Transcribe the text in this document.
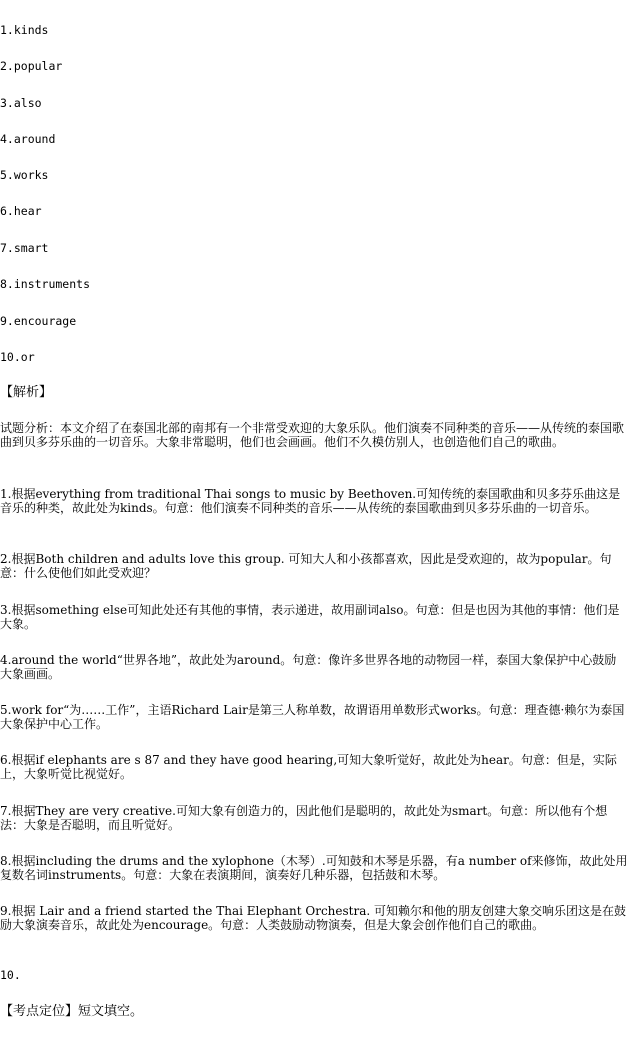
1.kinds
2.popular
3.also
4.around
5.works
6.hear
7.smart
8.instruments
9.encourage
10.or
【解析】
试题分析：本文介绍了在泰国北部的南邦有一个非常受欢迎的大象乐队。他们演奏不同种类的音乐——从传统的泰国歌曲到贝多芬乐曲的一切音乐。大象非常聪明，他们也会画画。他们不久模仿别人，也创造他们自己的歌曲。
1.根据everything from traditional Thai songs to music by Beethoven.可知传统的泰国歌曲和贝多芬乐曲这是音乐的种类，故此处为kinds。句意：他们演奏不同种类的音乐——从传统的泰国歌曲到贝多芬乐曲的一切音乐。
2.根据Both children and adults love this group. 可知大人和小孩都喜欢，因此是受欢迎的，故为popular。句意：什么使他们如此受欢迎？
3.根据something else可知此处还有其他的事情，表示递进，故用副词also。句意：但是也因为其他的事情：他们是大象。
4.around the world“世界各地”，故此处为around。句意：像许多世界各地的动物园一样，泰国大象保护中心鼓励大象画画。
5.work for“为……工作”，主语Richard Lair是第三人称单数，故谓语用单数形式works。句意：理查德·赖尔为泰国大象保护中心工作。
6.根据if elephants are s 87 and they have good hearing,可知大象听觉好，故此处为hear。句意：但是，实际上，大象听觉比视觉好。
7.根据They are very creative.可知大象有创造力的，因此他们是聪明的，故此处为smart。句意：所以他有个想法：大象是否聪明，而且听觉好。
8.根据including the drums and the xylophone（木琴）.可知鼓和木琴是乐器，有a number of来修饰，故此处用复数名词instruments。句意：大象在表演期间，演奏好几种乐器，包括鼓和木琴。
9.根据 Lair and a friend started the Thai Elephant Orchestra. 可知赖尔和他的朋友创建大象交响乐团这是在鼓励大象演奏音乐，故此处为encourage。句意：人类鼓励动物演奏，但是大象会创作他们自己的歌曲。
10.
【考点定位】短文填空。
